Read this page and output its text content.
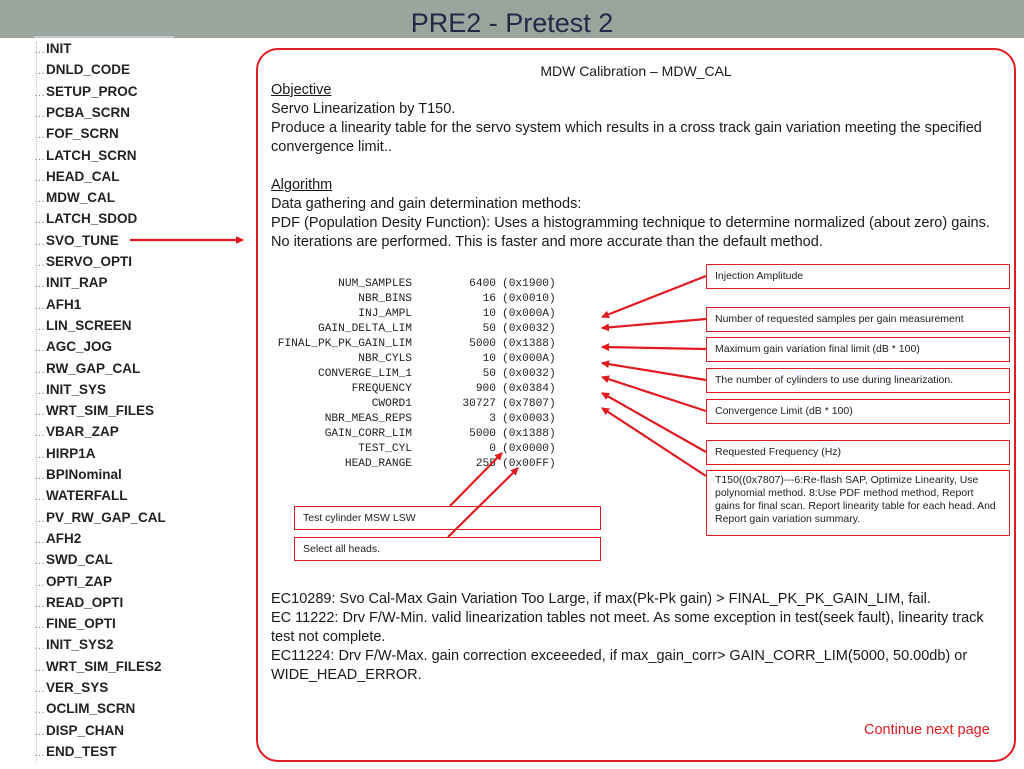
PRE2 - Pretest 2
…INIT
…DNLD_CODE
…SETUP_PROC
…PCBA_SCRN
…FOF_SCRN
…LATCH_SCRN
…HEAD_CAL
…MDW_CAL
…LATCH_SDOD
…SVO_TUNE
…SERVO_OPTI
…INIT_RAP
…AFH1
…LIN_SCREEN
…AGC_JOG
…RW_GAP_CAL
…INIT_SYS
…WRT_SIM_FILES
…VBAR_ZAP
…HIRP1A
…BPINominal
…WATERFALL
…PV_RW_GAP_CAL
…AFH2
…SWD_CAL
…OPTI_ZAP
…READ_OPTI
…FINE_OPTI
…INIT_SYS2
…WRT_SIM_FILES2
…VER_SYS
…OCLIM_SCRN
…DISP_CHAN
…END_TEST
MDW Calibration – MDW_CAL
Objective
Servo Linearization by T150.
Produce a linearity table for the servo system which results in a cross track gain variation meeting the specified convergence limit..
Algorithm
Data gathering and gain determination methods:
PDF (Population Desity Function): Uses a histogramming technique to determine normalized (about zero) gains. No iterations are performed. This is faster and more accurate than the default method.
NUM_SAMPLES	6400 (0x1900)
NBR_BINS	16 (0x0010)
INJ_AMPL	10 (0x000A)
GAIN_DELTA_LIM	50 (0x0032)
FINAL_PK_PK_GAIN_LIM	5000 (0x1388)
NBR_CYLS	10 (0x000A)
CONVERGE_LIM_1	50 (0x0032)
FREQUENCY	900 (0x0384)
CWORD1	30727 (0x7807)
NBR_MEAS_REPS	3 (0x0003)
GAIN_CORR_LIM	5000 (0x1388)
TEST_CYL	0 (0x0000)
HEAD_RANGE	255 (0x00FF)
Injection Amplitude
Number of requested samples per gain measurement
Maximum gain variation final limit (dB * 100)
The number of cylinders to use during linearization.
Convergence Limit (dB * 100)
Requested Frequency (Hz)
T150((0x7807)---6:Re-flash SAP, Optimize Linearity, Use polynomial method. 8:Use PDF method method, Report gains for final scan. Report linearity table for each head. And Report gain variation summary.
Test cylinder MSW LSW
Select all heads.
EC10289: Svo Cal-Max Gain Variation Too Large, if max(Pk-Pk gain) > FINAL_PK_PK_GAIN_LIM, fail.
EC 11222: Drv F/W-Min. valid linearization tables not meet. As some exception in test(seek fault), linearity track test not complete.
EC11224: Drv F/W-Max. gain correction exceeeded, if max_gain_corr> GAIN_CORR_LIM(5000, 50.00db) or WIDE_HEAD_ERROR.
Continue next page
